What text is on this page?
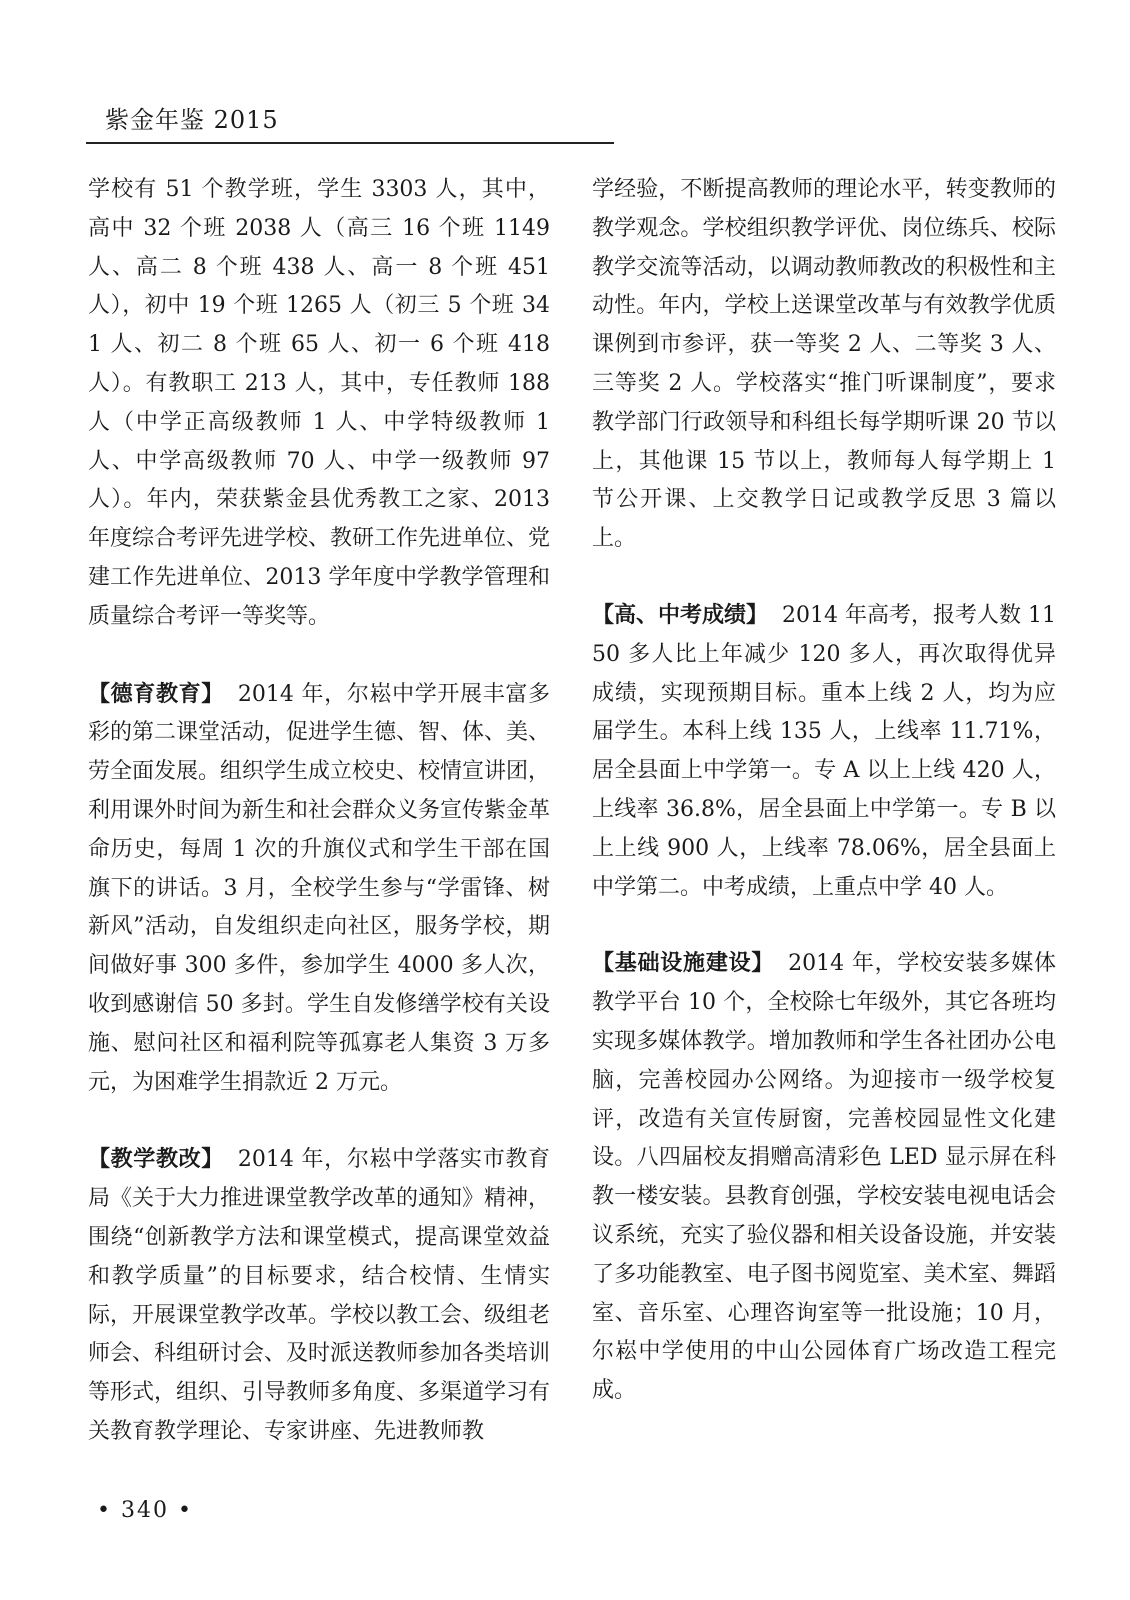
紫金年鉴 2015

学校有 51 个教学班，学生 3303 人，其中，高中 32 个班 2038 人（高三 16 个班 1149 人、高二 8 个班 438 人、高一 8 个班 451 人），初中 19 个班 1265 人（初三 5 个班 341 人、初二 8 个班 65 人、初一 6 个班 418 人）。有教职工 213 人，其中，专任教师 188 人（中学正高级教师 1 人、中学特级教师 1 人、中学高级教师 70 人、中学一级教师 97 人）。年内，荣获紫金县优秀教工之家、2013 年度综合考评先进学校、教研工作先进单位、党建工作先进单位、2013 学年度中学教学管理和质量综合考评一等奖等。

【德育教育】 2014 年，尔崧中学开展丰富多彩的第二课堂活动，促进学生德、智、体、美、劳全面发展。组织学生成立校史、校情宣讲团，利用课外时间为新生和社会群众义务宣传紫金革命历史，每周 1 次的升旗仪式和学生干部在国旗下的讲话。3 月，全校学生参与“学雷锋、树新风”活动，自发组织走向社区，服务学校，期间做好事 300 多件，参加学生 4000 多人次，收到感谢信 50 多封。学生自发修缮学校有关设施、慰问社区和福利院等孤寡老人集资 3 万多元，为困难学生捐款近 2 万元。

【教学教改】 2014 年，尔崧中学落实市教育局《关于大力推进课堂教学改革的通知》精神，围绕“创新教学方法和课堂模式，提高课堂效益和教学质量”的目标要求，结合校情、生情实际，开展课堂教学改革。学校以教工会、级组老师会、科组研讨会、及时派送教师参加各类培训等形式，组织、引导教师多角度、多渠道学习有关教育教学理论、专家讲座、先进教师教

学经验，不断提高教师的理论水平，转变教师的教学观念。学校组织教学评优、岗位练兵、校际教学交流等活动，以调动教师教改的积极性和主动性。年内，学校上送课堂改革与有效教学优质课例到市参评，获一等奖 2 人、二等奖 3 人、三等奖 2 人。学校落实“推门听课制度”，要求教学部门行政领导和科组长每学期听课 20 节以上，其他课 15 节以上，教师每人每学期上 1 节公开课、上交教学日记或教学反思 3 篇以上。

【高、中考成绩】 2014 年高考，报考人数 1150 多人比上年减少 120 多人，再次取得优异成绩，实现预期目标。重本上线 2 人，均为应届学生。本科上线 135 人，上线率 11.71%，居全县面上中学第一。专 A 以上上线 420 人，上线率 36.8%，居全县面上中学第一。专 B 以上上线 900 人，上线率 78.06%，居全县面上中学第二。中考成绩，上重点中学 40 人。

【基础设施建设】 2014 年，学校安装多媒体教学平台 10 个，全校除七年级外，其它各班均实现多媒体教学。增加教师和学生各社团办公电脑，完善校园办公网络。为迎接市一级学校复评，改造有关宣传厨窗，完善校园显性文化建设。八四届校友捐赠高清彩色 LED 显示屏在科教一楼安装。县教育创强，学校安装电视电话会议系统，充实了验仪器和相关设备设施，并安装了多功能教室、电子图书阅览室、美术室、舞蹈室、音乐室、心理咨询室等一批设施；10 月，尔崧中学使用的中山公园体育广场改造工程完成。

• 340 •
